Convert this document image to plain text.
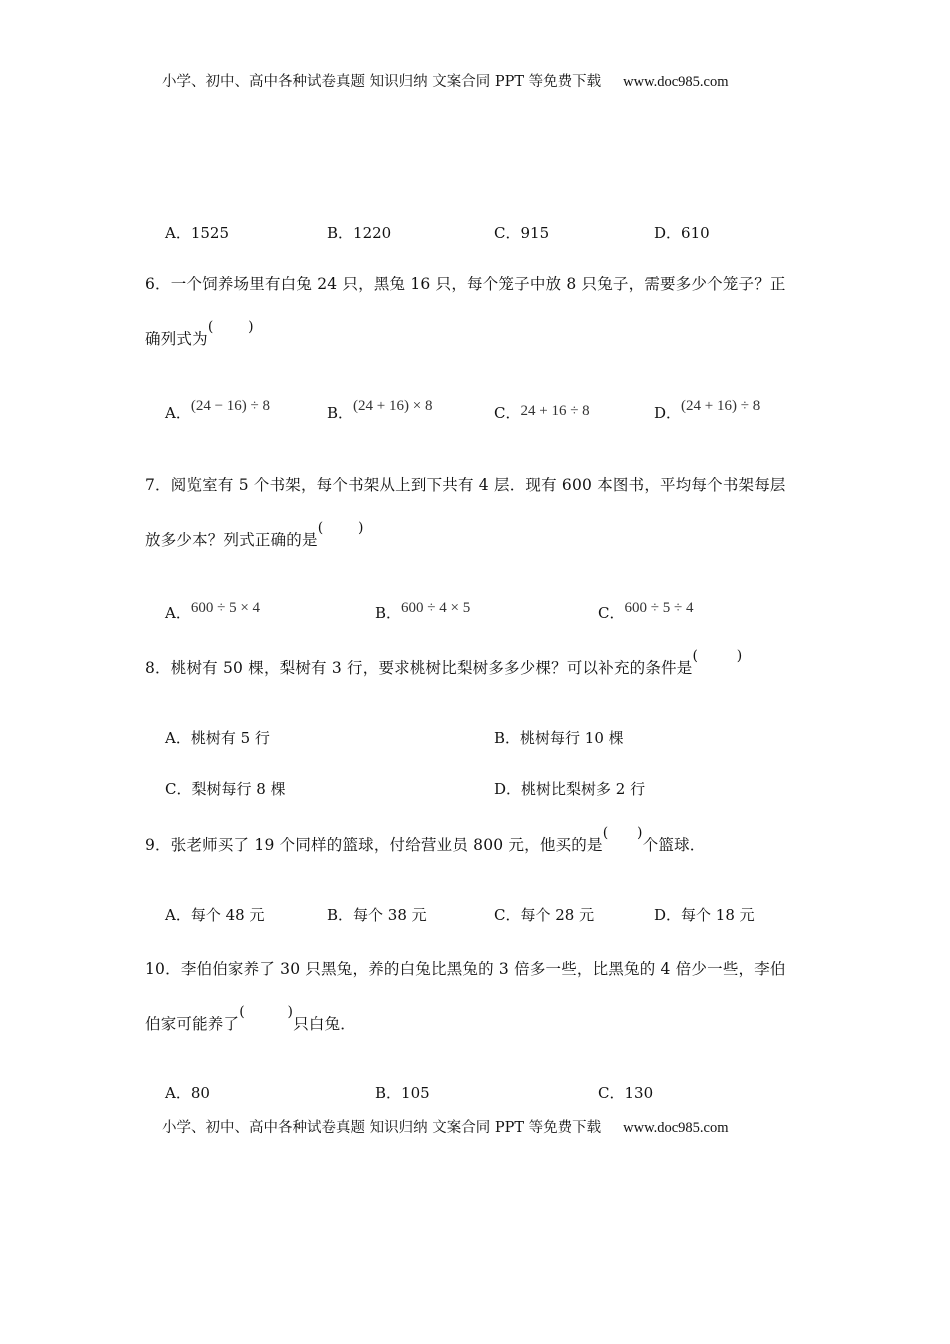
小学、初中、高中各种试卷真题 知识归纳 文案合同 PPT 等免费下载 www.doc985.com
A．1525	B．1220	C．915	D．610
6．一个饲养场里有白兔 24 只，黑兔 16 只，每个笼子中放 8 只兔子，需要多少个笼子？正
确列式为
( )
A．(24 − 16) ÷ 8	B．(24 + 16) × 8	C．24 + 16 ÷ 8	D．(24 + 16) ÷ 8
7．阅览室有 5 个书架，每个书架从上到下共有 4 层．现有 600 本图书，平均每个书架每层
放多少本？列式正确的是
( )
A．600 ÷ 5 × 4	B．600 ÷ 4 × 5	C．600 ÷ 5 ÷ 4
8．桃树有 50 棵，梨树有 3 行，要求桃树比梨树多多少棵？可以补充的条件是
(	)
A．桃树有 5 行	B．桃树每行 10 棵
C．梨树每行 8 棵	D．桃树比梨树多 2 行
9．张老师买了 19 个同样的篮球，付给营业员 800 元，他买的是
( )
个篮球．
A．每个 48 元	B．每个 38 元	C．每个 28 元	D．每个 18 元
10．李伯伯家养了 30 只黑兔，养的白兔比黑兔的 3 倍多一些，比黑兔的 4 倍少一些，李伯
伯家可能养了
(	)
只白兔．
A．80	B．105	C．130
小学、初中、高中各种试卷真题 知识归纳 文案合同 PPT 等免费下载 www.doc985.com
